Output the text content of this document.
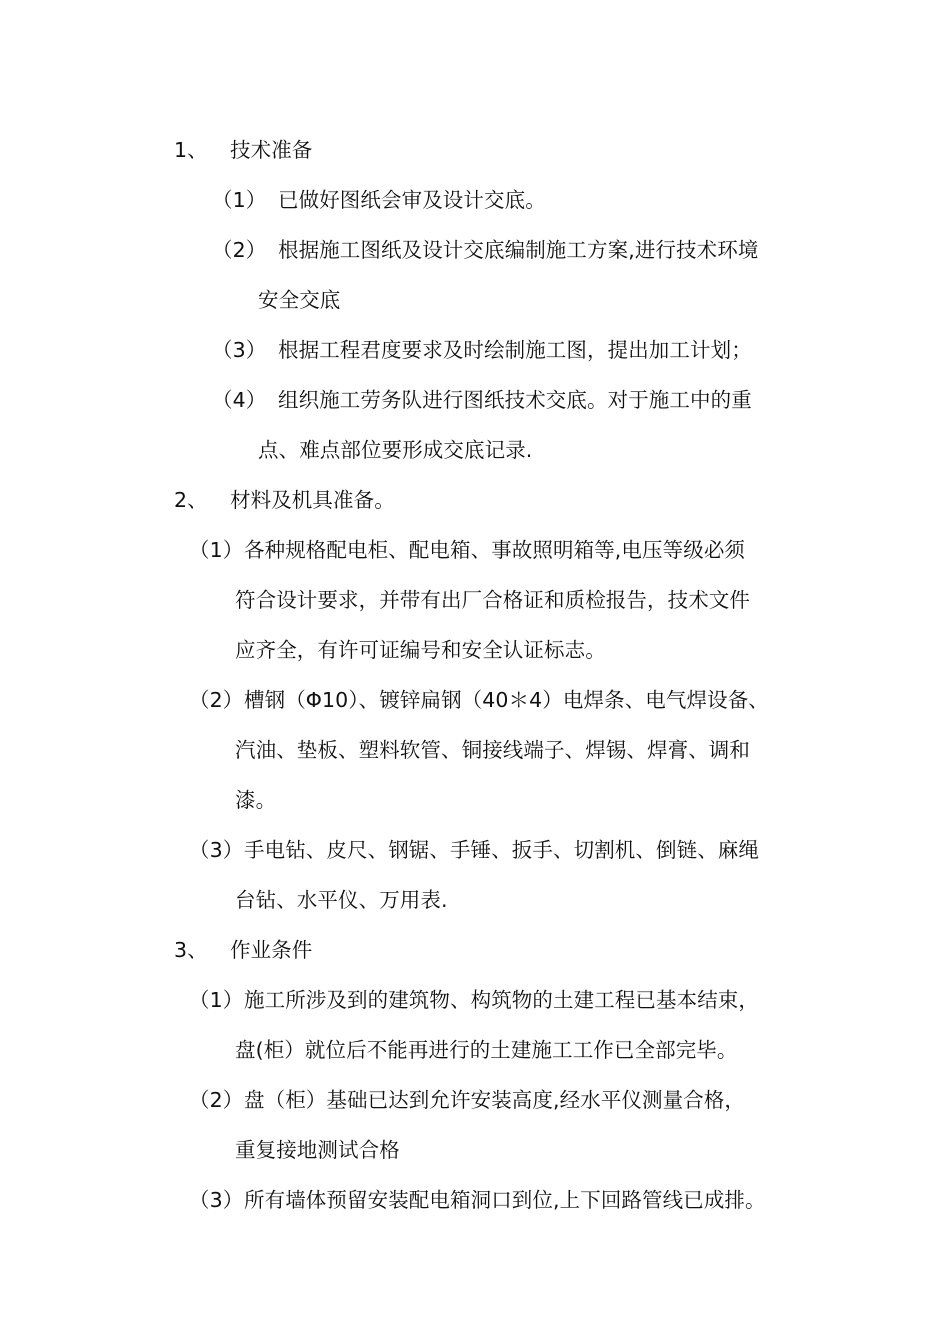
1、 技术准备
（1） 已做好图纸会审及设计交底。
（2） 根据施工图纸及设计交底编制施工方案,进行技术环境
安全交底
（3） 根据工程君度要求及时绘制施工图，提出加工计划；
（4） 组织施工劳务队进行图纸技术交底。对于施工中的重
点、难点部位要形成交底记录.
2、 材料及机具准备。
（1）各种规格配电柜、配电箱、事故照明箱等,电压等级必须
符合设计要求，并带有出厂合格证和质检报告，技术文件
应齐全，有许可证编号和安全认证标志。
（2）槽钢（Φ10）、镀锌扁钢（40＊4）电焊条、电气焊设备、
汽油、垫板、塑料软管、铜接线端子、焊锡、焊膏、调和
漆。
（3）手电钻、皮尺、钢锯、手锤、扳手、切割机、倒链、麻绳
台钻、水平仪、万用表.
3、 作业条件
（1）施工所涉及到的建筑物、构筑物的土建工程已基本结束，
盘(柜）就位后不能再进行的土建施工工作已全部完毕。
（2）盘（柜）基础已达到允许安装高度,经水平仪测量合格，
重复接地测试合格
（3）所有墙体预留安装配电箱洞口到位,上下回路管线已成排。
